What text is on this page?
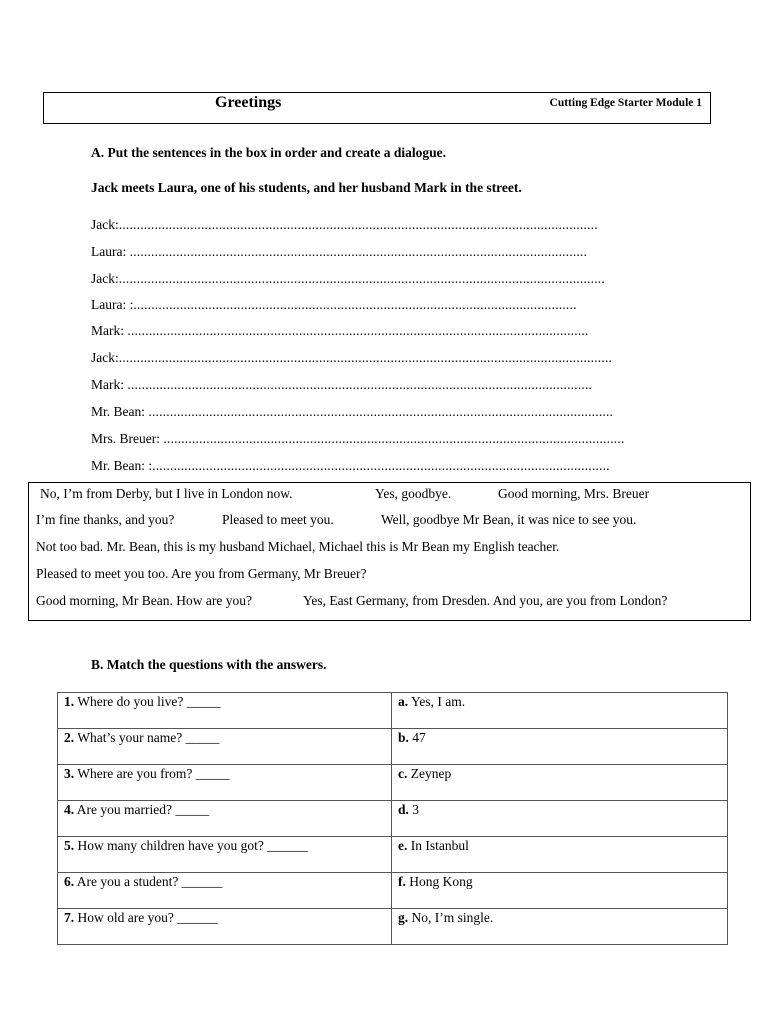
Greetings	Cutting Edge Starter Module 1
A. Put the sentences in the box in order and create a dialogue.
Jack meets Laura, one of his students, and her husband Mark in the street.
Jack:......................................................................................................................................
Laura: ................................................................................................................................
Jack:........................................................................................................................................
Laura: :............................................................................................................................
Mark: .................................................................................................................................
Jack:..........................................................................................................................................
Mark: ..................................................................................................................................
Mr. Bean: ..................................................................................................................................
Mrs. Breuer: .................................................................................................................................
Mr. Bean: :................................................................................................................................
No, I’m from Derby, but I live in London now.	Yes, goodbye.	Good morning, Mrs. Breuer
I’m fine thanks, and you?	Pleased to meet you.	Well, goodbye Mr Bean, it was nice to see you.
Not too bad. Mr. Bean, this is my husband Michael, Michael this is Mr Bean my English teacher.
Pleased to meet you too. Are you from Germany, Mr Breuer?
Good morning, Mr Bean. How are you?	Yes, East Germany, from Dresden. And you, are you from London?
B. Match the questions with the answers.
1. Where do you live? _____	a. Yes, I am.
2. What’s your name? _____	b. 47
3. Where are you from? _____	c. Zeynep
4. Are you married? _____	d. 3
5. How many children have you got? ______	e. In Istanbul
6. Are you a student? ______	f. Hong Kong
7. How old are you? ______	g. No, I’m single.
